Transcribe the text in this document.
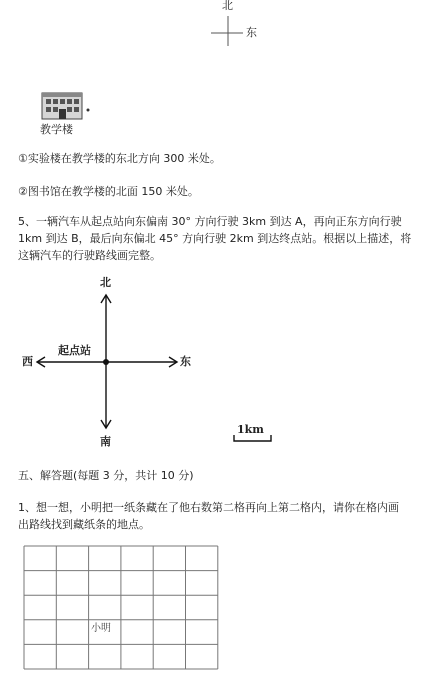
北
东
教学楼
①实验楼在教学楼的东北方向 300 米处。
②图书馆在教学楼的北面 150 米处。
5、一辆汽车从起点站向东偏南 30° 方向行驶 3km 到达 A，再向正东方向行驶
1km 到达 B，最后向东偏北 45° 方向行驶 2km 到达终点站。根据以上描述，将
这辆汽车的行驶路线画完整。
北
南
西	东
起点站
1km
五、解答题(每题 3 分，共计 10 分)
1、想一想，小明把一纸条藏在了他右数第二格再向上第二格内，请你在格内画
出路线找到藏纸条的地点。
小明
